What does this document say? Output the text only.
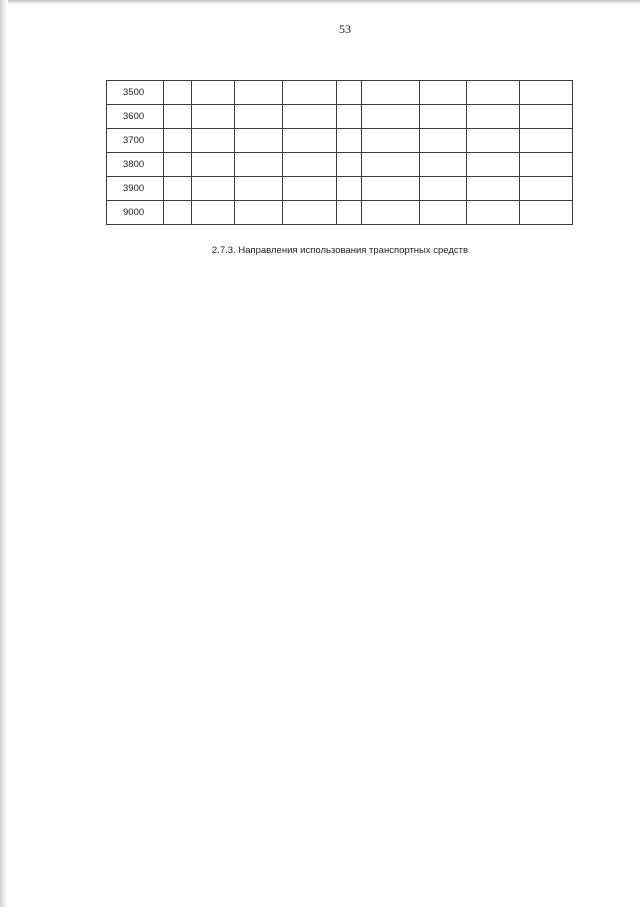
53
3500									
3600									
3700									
3800									
3900									
9000									
2.7.3. Направления использования транспортных средств
